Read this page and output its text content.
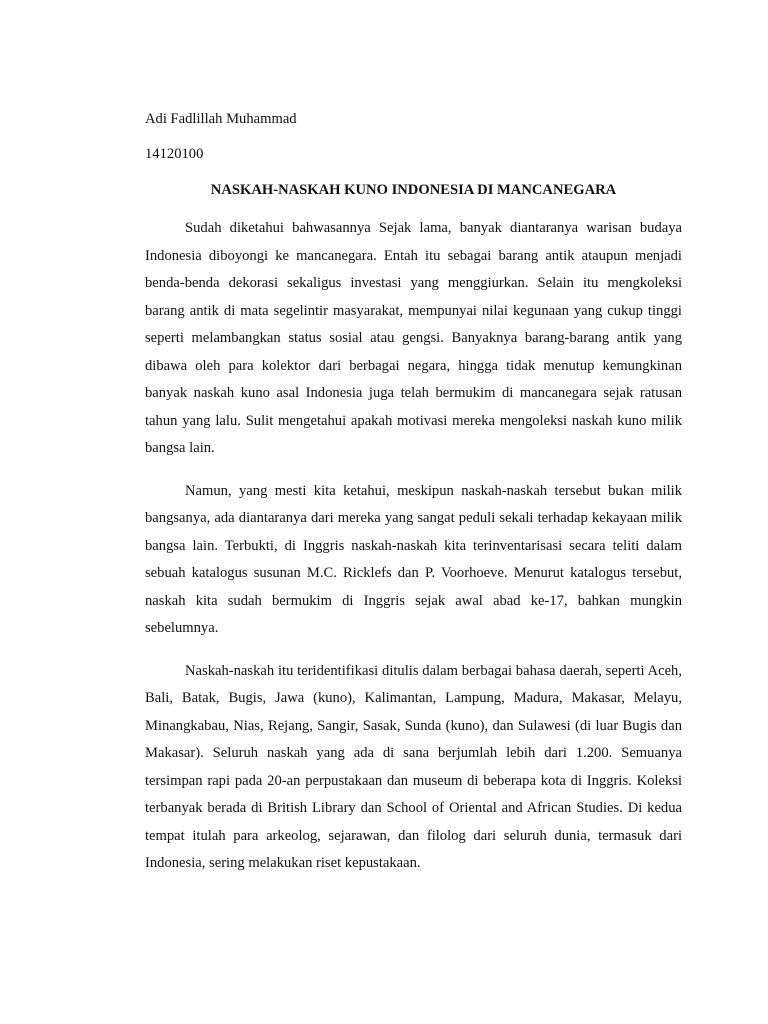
Adi Fadlillah Muhammad

14120100

NASKAH-NASKAH KUNO INDONESIA DI MANCANEGARA

Sudah diketahui bahwasannya Sejak lama, banyak diantaranya warisan budaya Indonesia diboyongi ke mancanegara. Entah itu sebagai barang antik ataupun menjadi benda-benda dekorasi sekaligus investasi yang menggiurkan. Selain itu mengkoleksi barang antik di mata segelintir masyarakat, mempunyai nilai kegunaan yang cukup tinggi seperti melambangkan status sosial atau gengsi. Banyaknya barang-barang antik yang dibawa oleh para kolektor dari berbagai negara, hingga tidak menutup kemungkinan banyak naskah kuno asal Indonesia juga telah bermukim di mancanegara sejak ratusan tahun yang lalu. Sulit mengetahui apakah motivasi mereka mengoleksi naskah kuno milik bangsa lain.

Namun, yang mesti kita ketahui, meskipun naskah-naskah tersebut bukan milik bangsanya, ada diantaranya dari mereka yang sangat peduli sekali terhadap kekayaan milik bangsa lain. Terbukti, di Inggris naskah-naskah kita terinventarisasi secara teliti dalam sebuah katalogus susunan M.C. Ricklefs dan P. Voorhoeve. Menurut katalogus tersebut, naskah kita sudah bermukim di Inggris sejak awal abad ke-17, bahkan mungkin sebelumnya.

Naskah-naskah itu teridentifikasi ditulis dalam berbagai bahasa daerah, seperti Aceh, Bali, Batak, Bugis, Jawa (kuno), Kalimantan, Lampung, Madura, Makasar, Melayu, Minangkabau, Nias, Rejang, Sangir, Sasak, Sunda (kuno), dan Sulawesi (di luar Bugis dan Makasar). Seluruh naskah yang ada di sana berjumlah lebih dari 1.200. Semuanya tersimpan rapi pada 20-an perpustakaan dan museum di beberapa kota di Inggris. Koleksi terbanyak berada di British Library dan School of Oriental and African Studies. Di kedua tempat itulah para arkeolog, sejarawan, dan filolog dari seluruh dunia, termasuk dari Indonesia, sering melakukan riset kepustakaan.
